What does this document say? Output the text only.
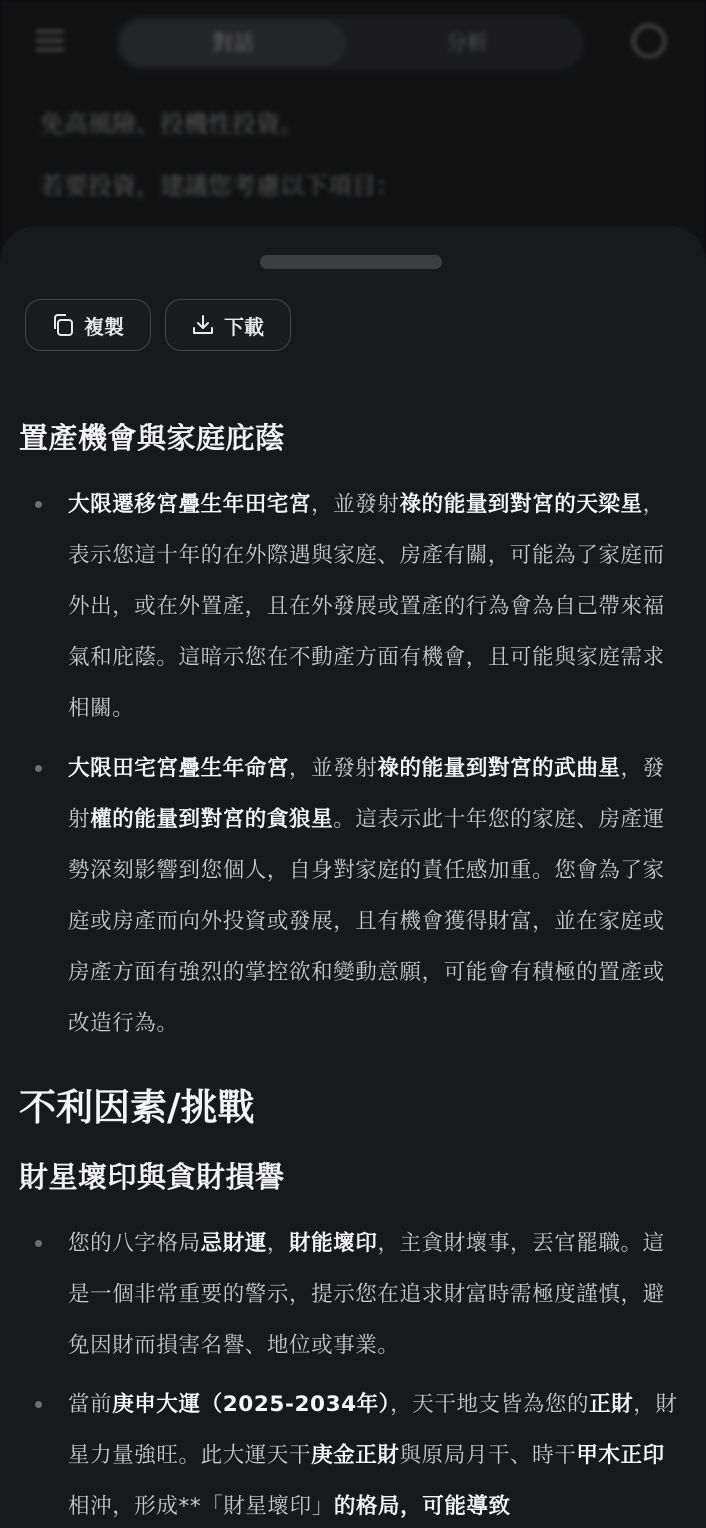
對話	分析
免高風險、投機性投資。
若要投資，建議您考慮以下項目：
複製	下載
置產機會與家庭庇蔭
大限遷移宮疊生年田宅宮，並發射祿的能量到對宮的天梁星，表示您這十年的在外際遇與家庭、房產有關，可能為了家庭而外出，或在外置產，且在外發展或置產的行為會為自己帶來福氣和庇蔭。這暗示您在不動產方面有機會，且可能與家庭需求相關。
大限田宅宮疊生年命宮，並發射祿的能量到對宮的武曲星，發射權的能量到對宮的貪狼星。這表示此十年您的家庭、房產運勢深刻影響到您個人，自身對家庭的責任感加重。您會為了家庭或房產而向外投資或發展，且有機會獲得財富，並在家庭或房產方面有強烈的掌控欲和變動意願，可能會有積極的置產或改造行為。
不利因素/挑戰
財星壞印與貪財損譽
您的八字格局忌財運，財能壞印，主貪財壞事，丟官罷職。這是一個非常重要的警示，提示您在追求財富時需極度謹慎，避免因財而損害名譽、地位或事業。
當前庚申大運（2025-2034年），天干地支皆為您的正財，財星力量強旺。此大運天干庚金正財與原局月干、時干甲木正印相沖，形成**「財星壞印」的格局，可能導致
